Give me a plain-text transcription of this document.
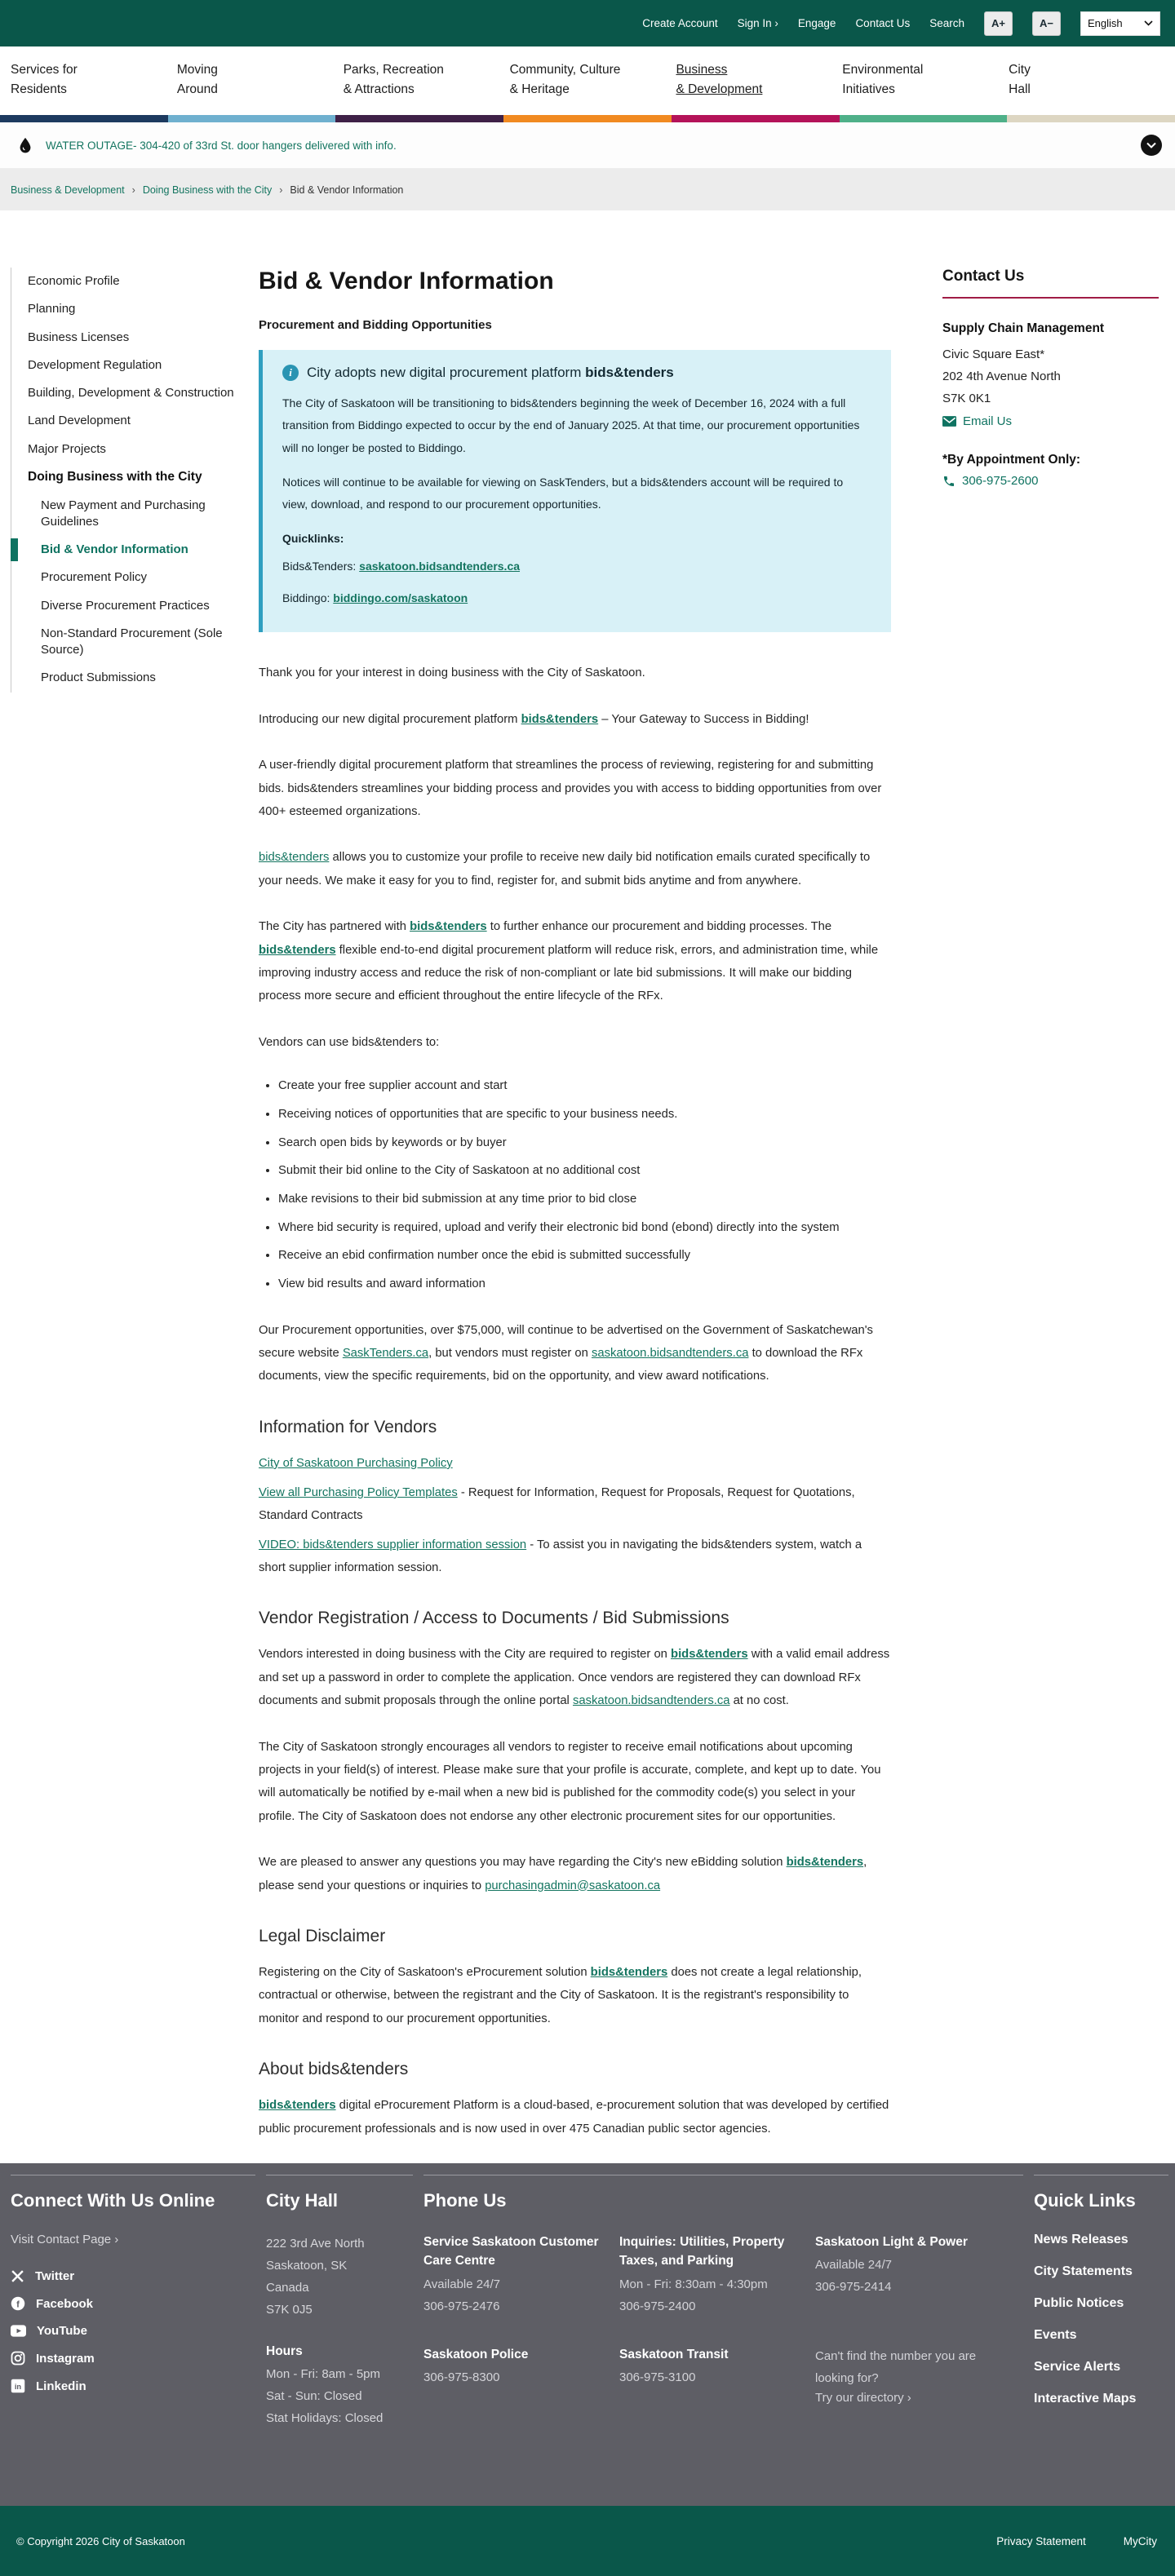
Create Account Sign In › Engage Contact Us Search	A+	A−	English
Services for
Residents
Moving
Around
Parks, Recreation
& Attractions
Community, Culture
& Heritage
Business
& Development
Environmental
Initiatives
City
Hall
WATER OUTAGE- 304-420 of 33rd St. door hangers delivered with info.
Business & Development › Doing Business with the City › Bid & Vendor Information
Economic Profile
Planning
Business Licenses
Development Regulation
Building, Development & Construction
Land Development
Major Projects
Doing Business with the City
New Payment and Purchasing Guidelines
Bid & Vendor Information
Procurement Policy
Diverse Procurement Practices
Non-Standard Procurement (Sole Source)
Product Submissions
Bid & Vendor Information

Procurement and Bidding Opportunities

i	City adopts new digital procurement platform bids&tenders

The City of Saskatoon will be transitioning to bids&tenders beginning the week of December 16, 2024 with a full transition from Biddingo expected to occur by the end of January 2025. At that time, our procurement opportunities will no longer be posted to Biddingo.

Notices will continue to be available for viewing on SaskTenders, but a bids&tenders account will be required to view, download, and respond to our procurement opportunities.

Quicklinks:

Bids&Tenders: saskatoon.bidsandtenders.ca

Biddingo: biddingo.com/saskatoon

Thank you for your interest in doing business with the City of Saskatoon.

Introducing our new digital procurement platform bids&tenders – Your Gateway to Success in Bidding!

A user-friendly digital procurement platform that streamlines the process of reviewing, registering for and submitting bids. bids&tenders streamlines your bidding process and provides you with access to bidding opportunities from over 400+ esteemed organizations.

bids&tenders allows you to customize your profile to receive new daily bid notification emails curated specifically to your needs. We make it easy for you to find, register for, and submit bids anytime and from anywhere.

The City has partnered with bids&tenders to further enhance our procurement and bidding processes. The bids&tenders flexible end-to-end digital procurement platform will reduce risk, errors, and administration time, while improving industry access and reduce the risk of non-compliant or late bid submissions. It will make our bidding process more secure and efficient throughout the entire lifecycle of the RFx.

Vendors can use bids&tenders to:

• Create your free supplier account and start
• Receiving notices of opportunities that are specific to your business needs.
• Search open bids by keywords or by buyer
• Submit their bid online to the City of Saskatoon at no additional cost
• Make revisions to their bid submission at any time prior to bid close
• Where bid security is required, upload and verify their electronic bid bond (ebond) directly into the system
• Receive an ebid confirmation number once the ebid is submitted successfully
• View bid results and award information

Our Procurement opportunities, over $75,000, will continue to be advertised on the Government of Saskatchewan's secure website SaskTenders.ca, but vendors must register on saskatoon.bidsandtenders.ca to download the RFx documents, view the specific requirements, bid on the opportunity, and view award notifications.

Information for Vendors

City of Saskatoon Purchasing Policy

View all Purchasing Policy Templates - Request for Information, Request for Proposals, Request for Quotations, Standard Contracts

VIDEO: bids&tenders supplier information session - To assist you in navigating the bids&tenders system, watch a short supplier information session.

Vendor Registration / Access to Documents / Bid Submissions

Vendors interested in doing business with the City are required to register on bids&tenders with a valid email address and set up a password in order to complete the application. Once vendors are registered they can download RFx documents and submit proposals through the online portal saskatoon.bidsandtenders.ca at no cost.

The City of Saskatoon strongly encourages all vendors to register to receive email notifications about upcoming projects in your field(s) of interest. Please make sure that your profile is accurate, complete, and kept up to date. You will automatically be notified by e-mail when a new bid is published for the commodity code(s) you select in your profile. The City of Saskatoon does not endorse any other electronic procurement sites for our opportunities.

We are pleased to answer any questions you may have regarding the City's new eBidding solution bids&tenders, please send your questions or inquiries to purchasingadmin@saskatoon.ca

Legal Disclaimer

Registering on the City of Saskatoon's eProcurement solution bids&tenders does not create a legal relationship, contractual or otherwise, between the registrant and the City of Saskatoon. It is the registrant's responsibility to monitor and respond to our procurement opportunities.

About bids&tenders

bids&tenders digital eProcurement Platform is a cloud-based, e-procurement solution that was developed by certified public procurement professionals and is now used in over 475 Canadian public sector agencies.

Contact Us
Supply Chain Management
Civic Square East*
202 4th Avenue North
S7K 0K1
Email Us
*By Appointment Only:
306-975-2600
Connect With Us Online
Visit Contact Page ›
Twitter
f Facebook
YouTube
Instagram
in Linkedin
City Hall
222 3rd Ave North
Saskatoon, SK
Canada
S7K 0J5
Hours
Mon - Fri: 8am - 5pm
Sat - Sun: Closed
Stat Holidays: Closed
Phone Us
Service Saskatoon Customer Care Centre
Available 24/7
306-975-2476
Inquiries: Utilities, Property Taxes, and Parking
Mon - Fri: 8:30am - 4:30pm
306-975-2400
Saskatoon Light & Power
Available 24/7
306-975-2414
Saskatoon Police
306-975-8300
Saskatoon Transit
306-975-3100
Can't find the number you are looking for?
Try our directory ›
Quick Links
News Releases
City Statements
Public Notices
Events
Service Alerts
Interactive Maps
© Copyright 2026 City of Saskatoon	Privacy Statement	MyCity
